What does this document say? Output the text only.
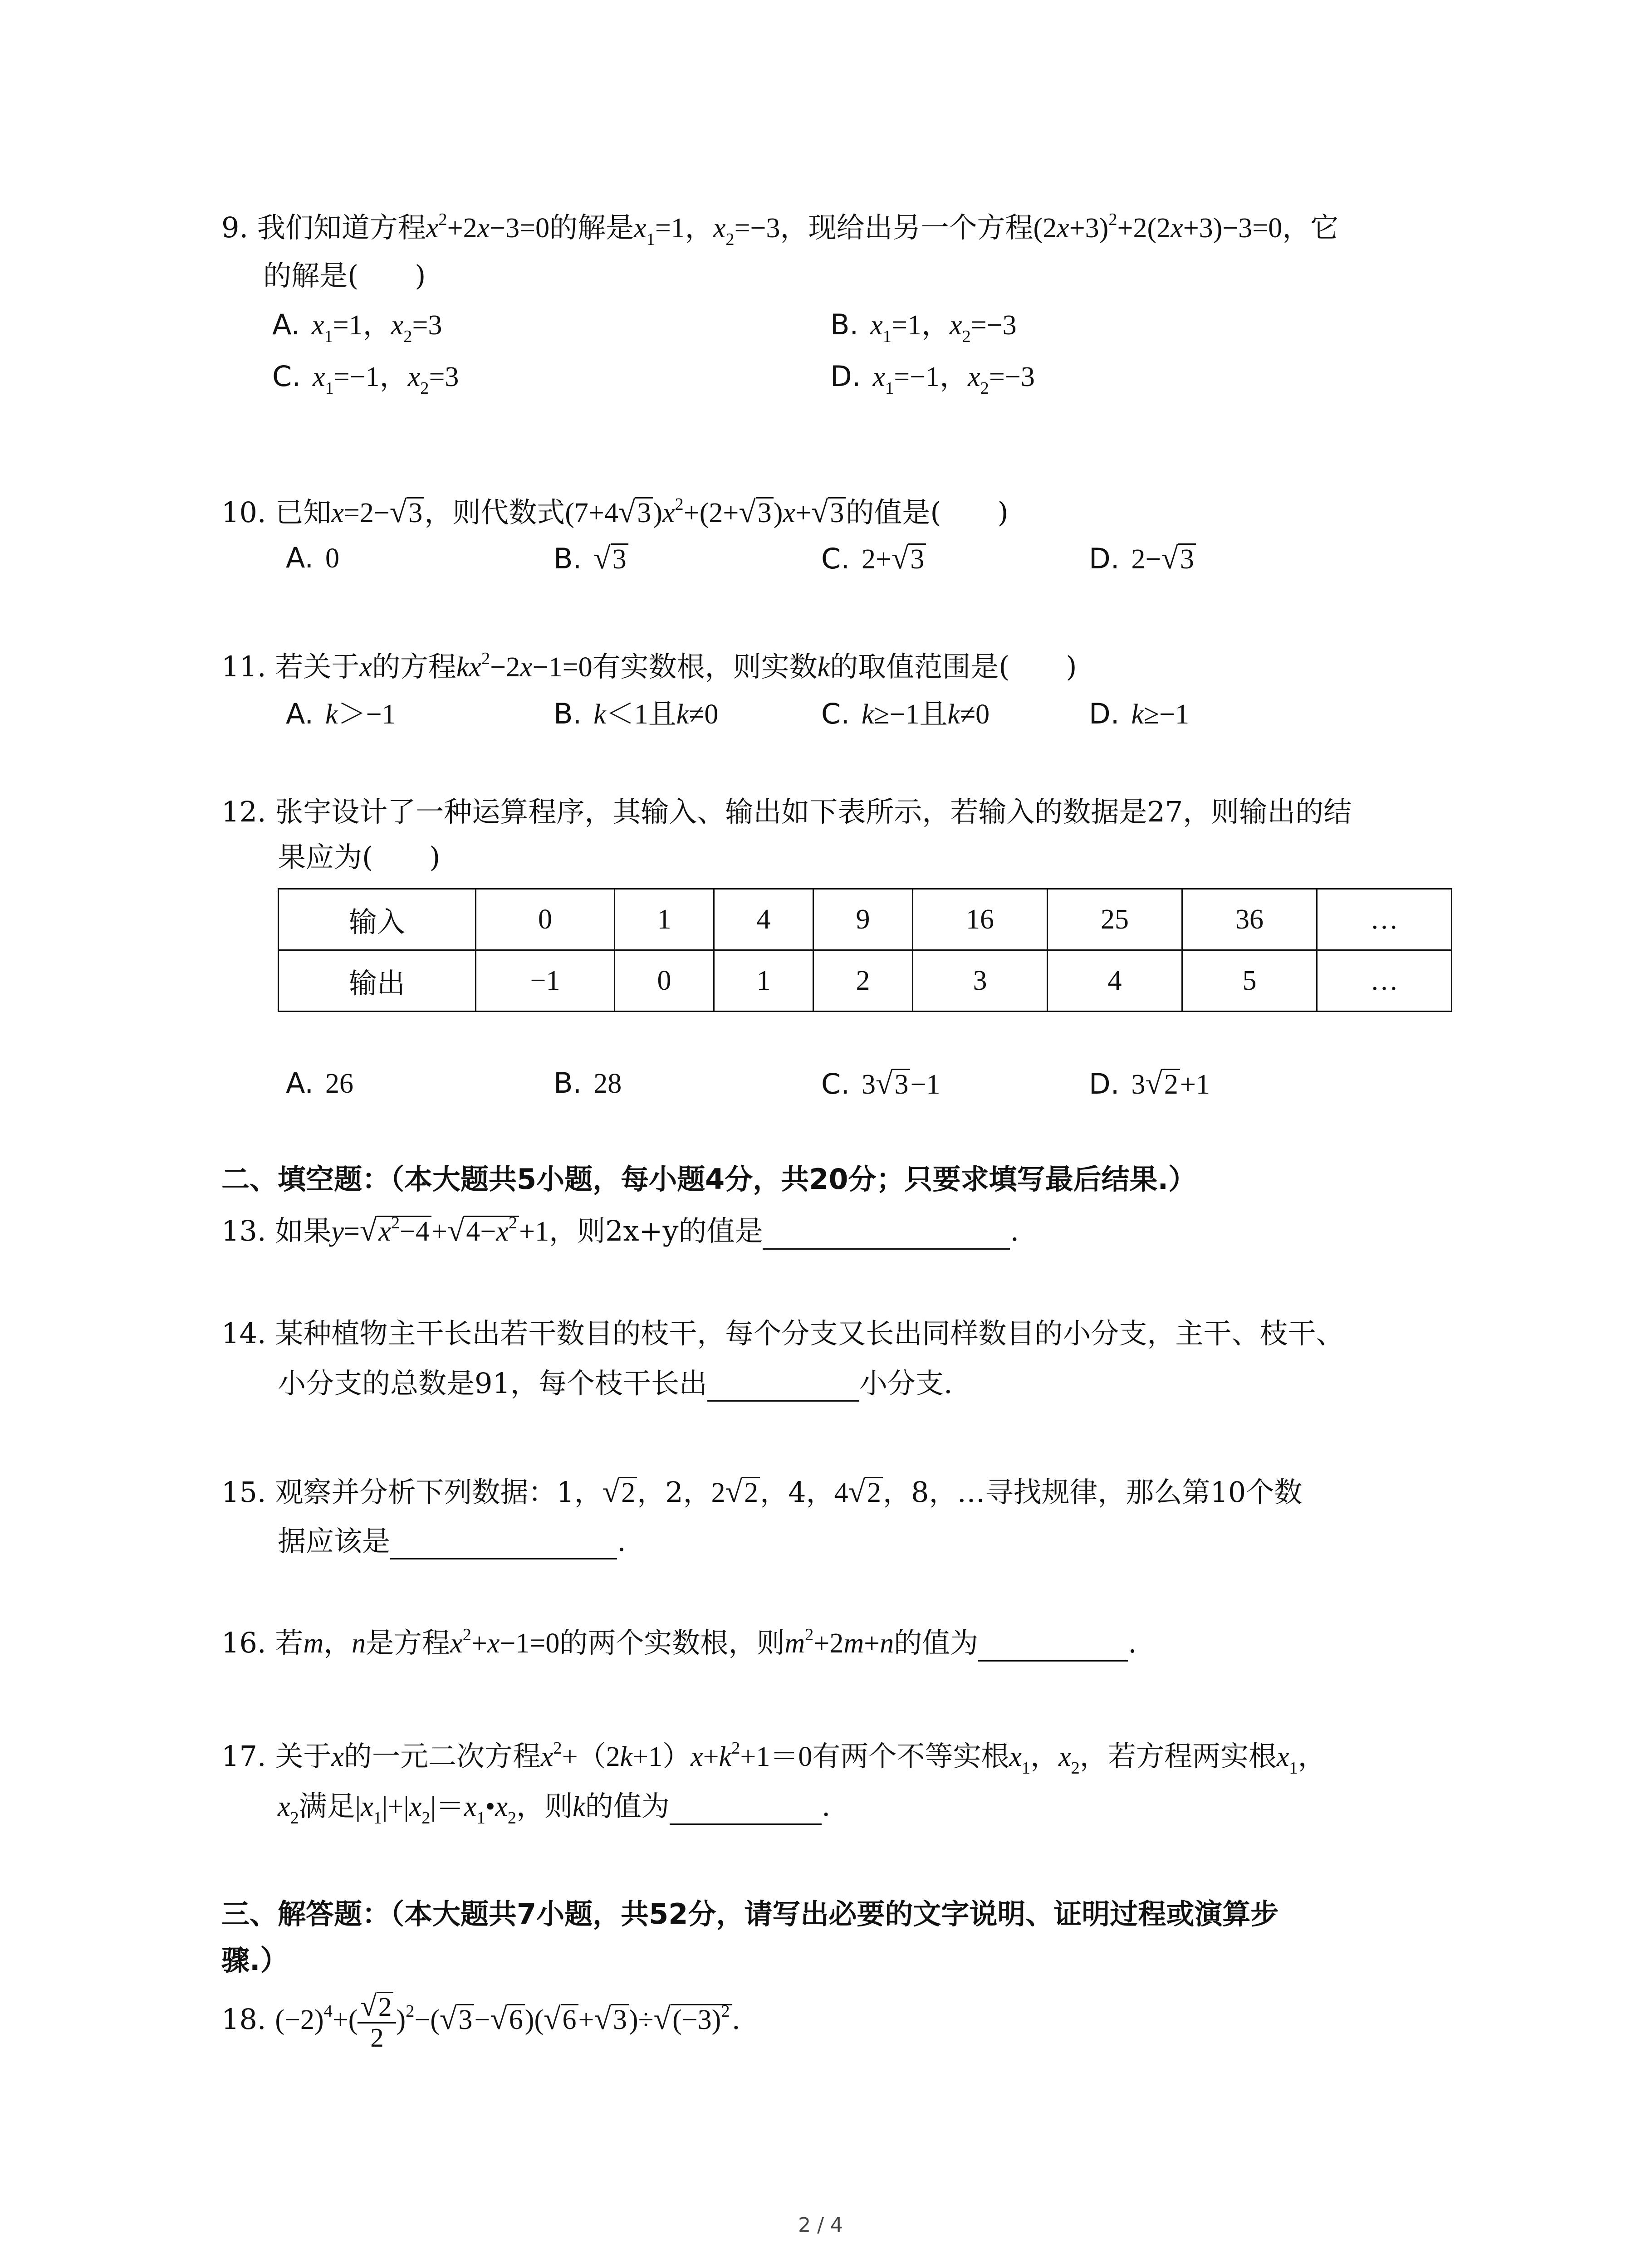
9. 我们知道方程$x^2+2x-3=0$的解是$x_1=1$，$x_2=-3$，现给出另一个方程$(2x+3)^2+2(2x+3)-3=0$，它
的解是(　　)
A. $x_1=1$，$x_2=3$	B. $x_1=1$，$x_2=-3$
C. $x_1=-1$，$x_2=3$	D. $x_1=-1$，$x_2=-3$
10. 已知x=2−√3，则代数式$(7+4√3)x^2+(2+√3)x+√3$的值是(　　)
A. 0	B. √3	C. 2+√3	D. 2−√3
11. 若关于x的方程$kx^2-2x-1=0$有实数根，则实数k的取值范围是(　　)
A. k＞−1	B. k＜1且k≠0	C. k≥−1且k≠0	D. k≥−1
12. 张宇设计了一种运算程序，其输入、输出如下表所示，若输入的数据是27，则输出的结
果应为(　　)
输入	0	1	4	9	16	25	36	…
输出	−1	0	1	2	3	4	5	…
A. 26	B. 28	C. 3√3−1	D. 3√2+1
二、填空题：（本大题共5小题，每小题4分，共20分；只要求填写最后结果.）
13. 如果$y=√x^2-4+√4-x^2+1$，则2x+y的值是	.
14. 某种植物主干长出若干数目的枝干，每个分支又长出同样数目的小分支，主干、枝干、
小分支的总数是91，每个枝干长出	小分支.
15. 观察并分析下列数据：1，√2，2，2√2，4，4√2，8，…寻找规律，那么第10个数
据应该是	.
16. 若m，n是方程$x^2+x-1=0$的两个实数根，则$m^2+2m+n$的值为	.
17. 关于x的一元二次方程$x^2+(2k+1)x+k^2+1=0$有两个不等实根$x_1$，$x_2$，若方程两实根$x_1$，
$x_2$满足$|x_1|+|x_2|=x_1•x_2$，则k的值为	.
三、解答题：（本大题共7小题，共52分，请写出必要的文字说明、证明过程或演算步
骤.）
18. $(-2)^4+( \frac{√2}{2} )^2-(√3-√6)(√6+√3)\div√(-3)^2$.
2 / 4
